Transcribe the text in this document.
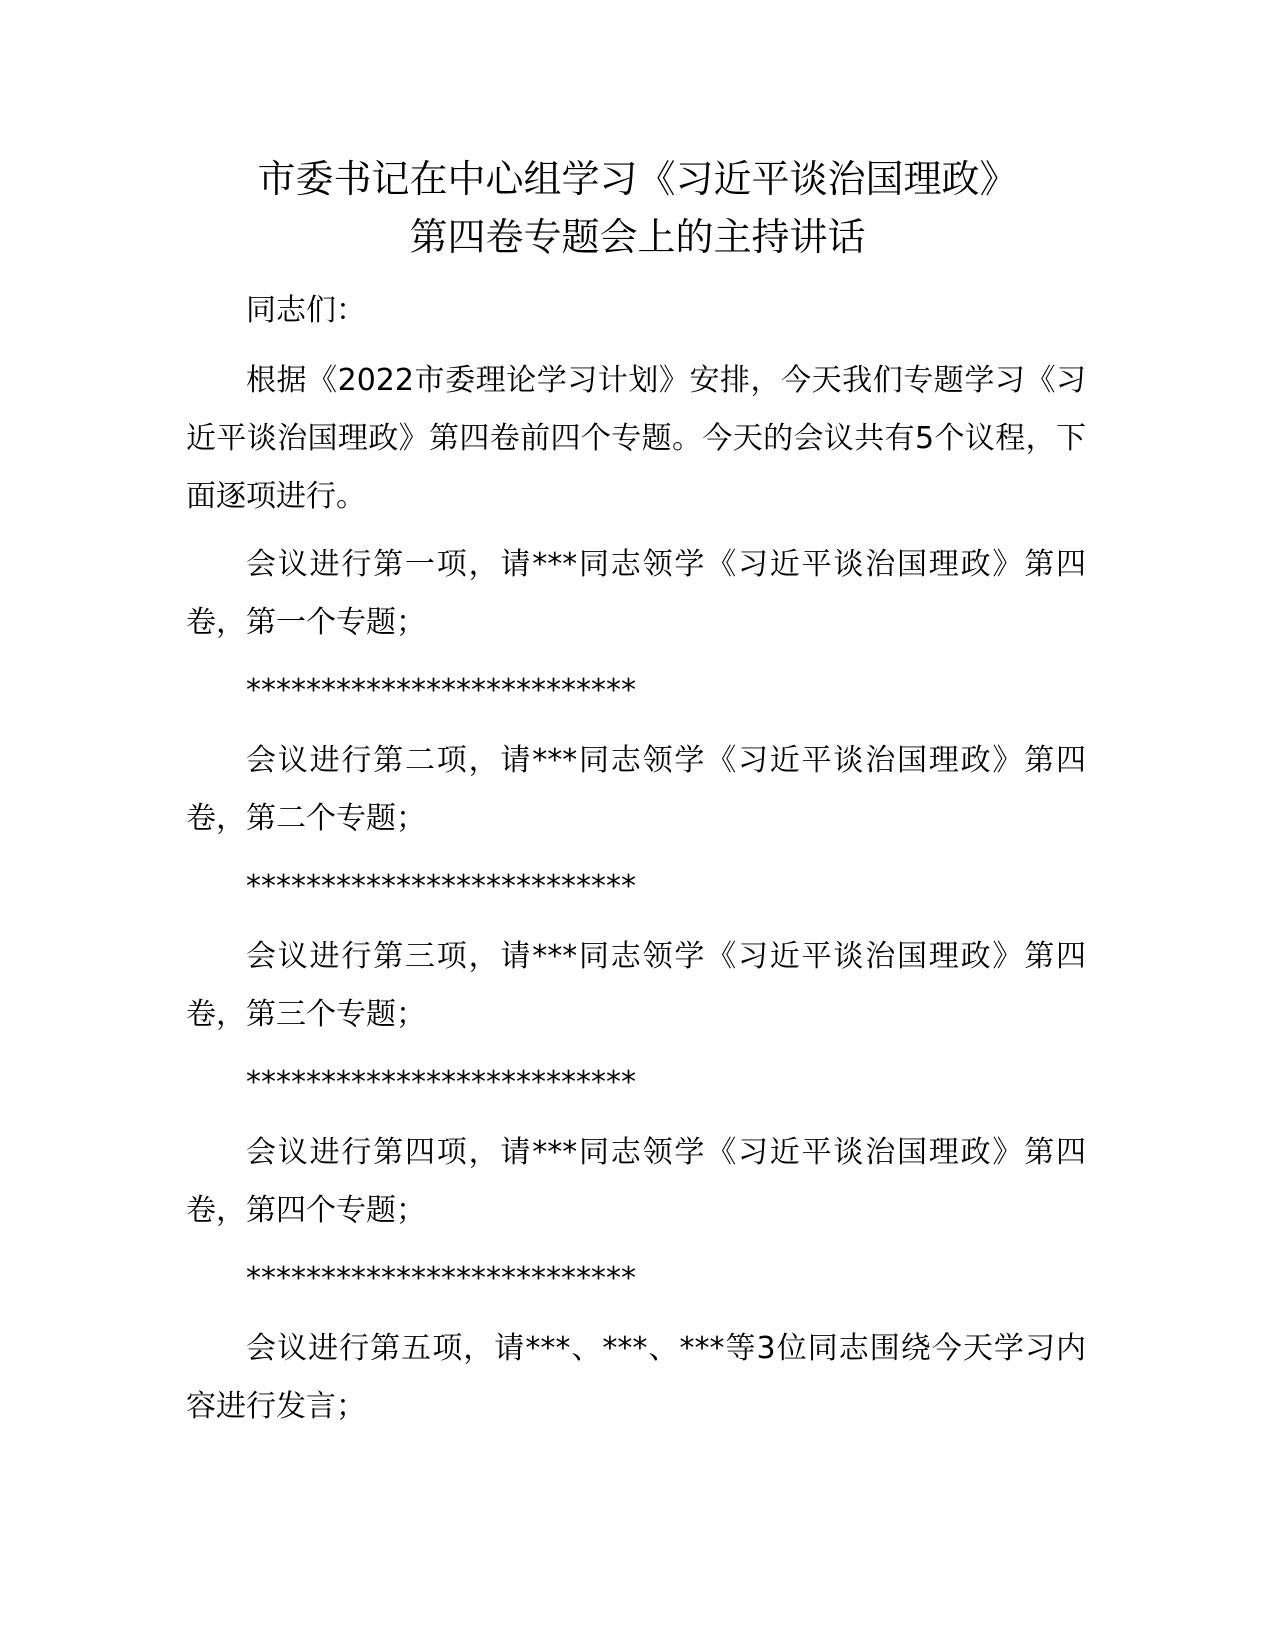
市委书记在中心组学习《习近平谈治国理政》
第四卷专题会上的主持讲话

同志们：

根据《2022市委理论学习计划》安排，今天我们专题学习《习近平谈治国理政》第四卷前四个专题。今天的会议共有5个议程，下面逐项进行。

会议进行第一项，请***同志领学《习近平谈治国理政》第四卷，第一个专题；

**************************

会议进行第二项，请***同志领学《习近平谈治国理政》第四卷，第二个专题；

**************************

会议进行第三项，请***同志领学《习近平谈治国理政》第四卷，第三个专题；

**************************

会议进行第四项，请***同志领学《习近平谈治国理政》第四卷，第四个专题；

**************************

会议进行第五项，请***、***、***等3位同志围绕今天学习内容进行发言；
